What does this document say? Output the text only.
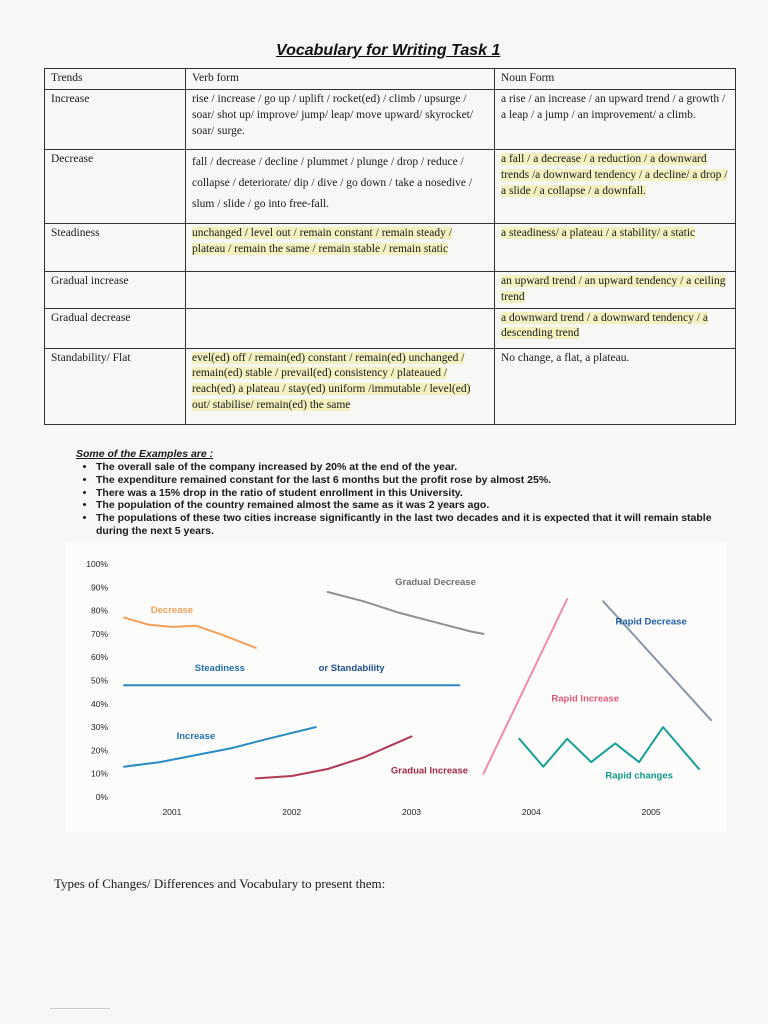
Vocabulary for Writing Task 1
Trends	Verb form	Noun Form
Increase	rise / increase / go up / uplift / rocket(ed) / climb / upsurge / soar/ shot up/ improve/ jump/ leap/ move upward/ skyrocket/ soar/ surge.	a rise / an increase / an upward trend / a growth / a leap / a jump / an improvement/ a climb.
Decrease	fall / decrease / decline / plummet / plunge / drop / reduce / collapse / deteriorate/ dip / dive / go down / take a nosedive / slum / slide / go into free-fall.	a fall / a decrease / a reduction / a downward trends /a downward tendency / a decline/ a drop / a slide / a collapse / a downfall.
Steadiness	unchanged / level out / remain constant / remain steady / plateau / remain the same / remain stable / remain static	a steadiness/ a plateau / a stability/ a static
Gradual increase		an upward trend / an upward tendency / a ceiling trend
Gradual decrease		a downward trend / a downward tendency / a descending trend
Standability/ Flat	evel(ed) off / remain(ed) constant / remain(ed) unchanged / remain(ed) stable / prevail(ed) consistency / plateaued / reach(ed) a plateau / stay(ed) uniform /immutable / level(ed) out/ stabilise/ remain(ed) the same	No change, a flat, a plateau.
Some of the Examples are :
• The overall sale of the company increased by 20% at the end of the year.
• The expenditure remained constant for the last 6 months but the profit rose by almost 25%.
• There was a 15% drop in the ratio of student enrollment in this University.
• The population of the country remained almost the same as it was 2 years ago.
• The populations of these two cities increase significantly in the last two decades and it is expected that it will remain stable during the next 5 years.
0%
10%
20%
30%
40%
50%
60%
70%
80%
90%
100%
2001	2002	2003	2004	2005
Decrease
Gradual Decrease
Rapid Decrease
Steadiness	or Standability
Increase
Gradual Increase
Rapid Increase
Rapid changes
Types of Changes/ Differences and Vocabulary to present them:
